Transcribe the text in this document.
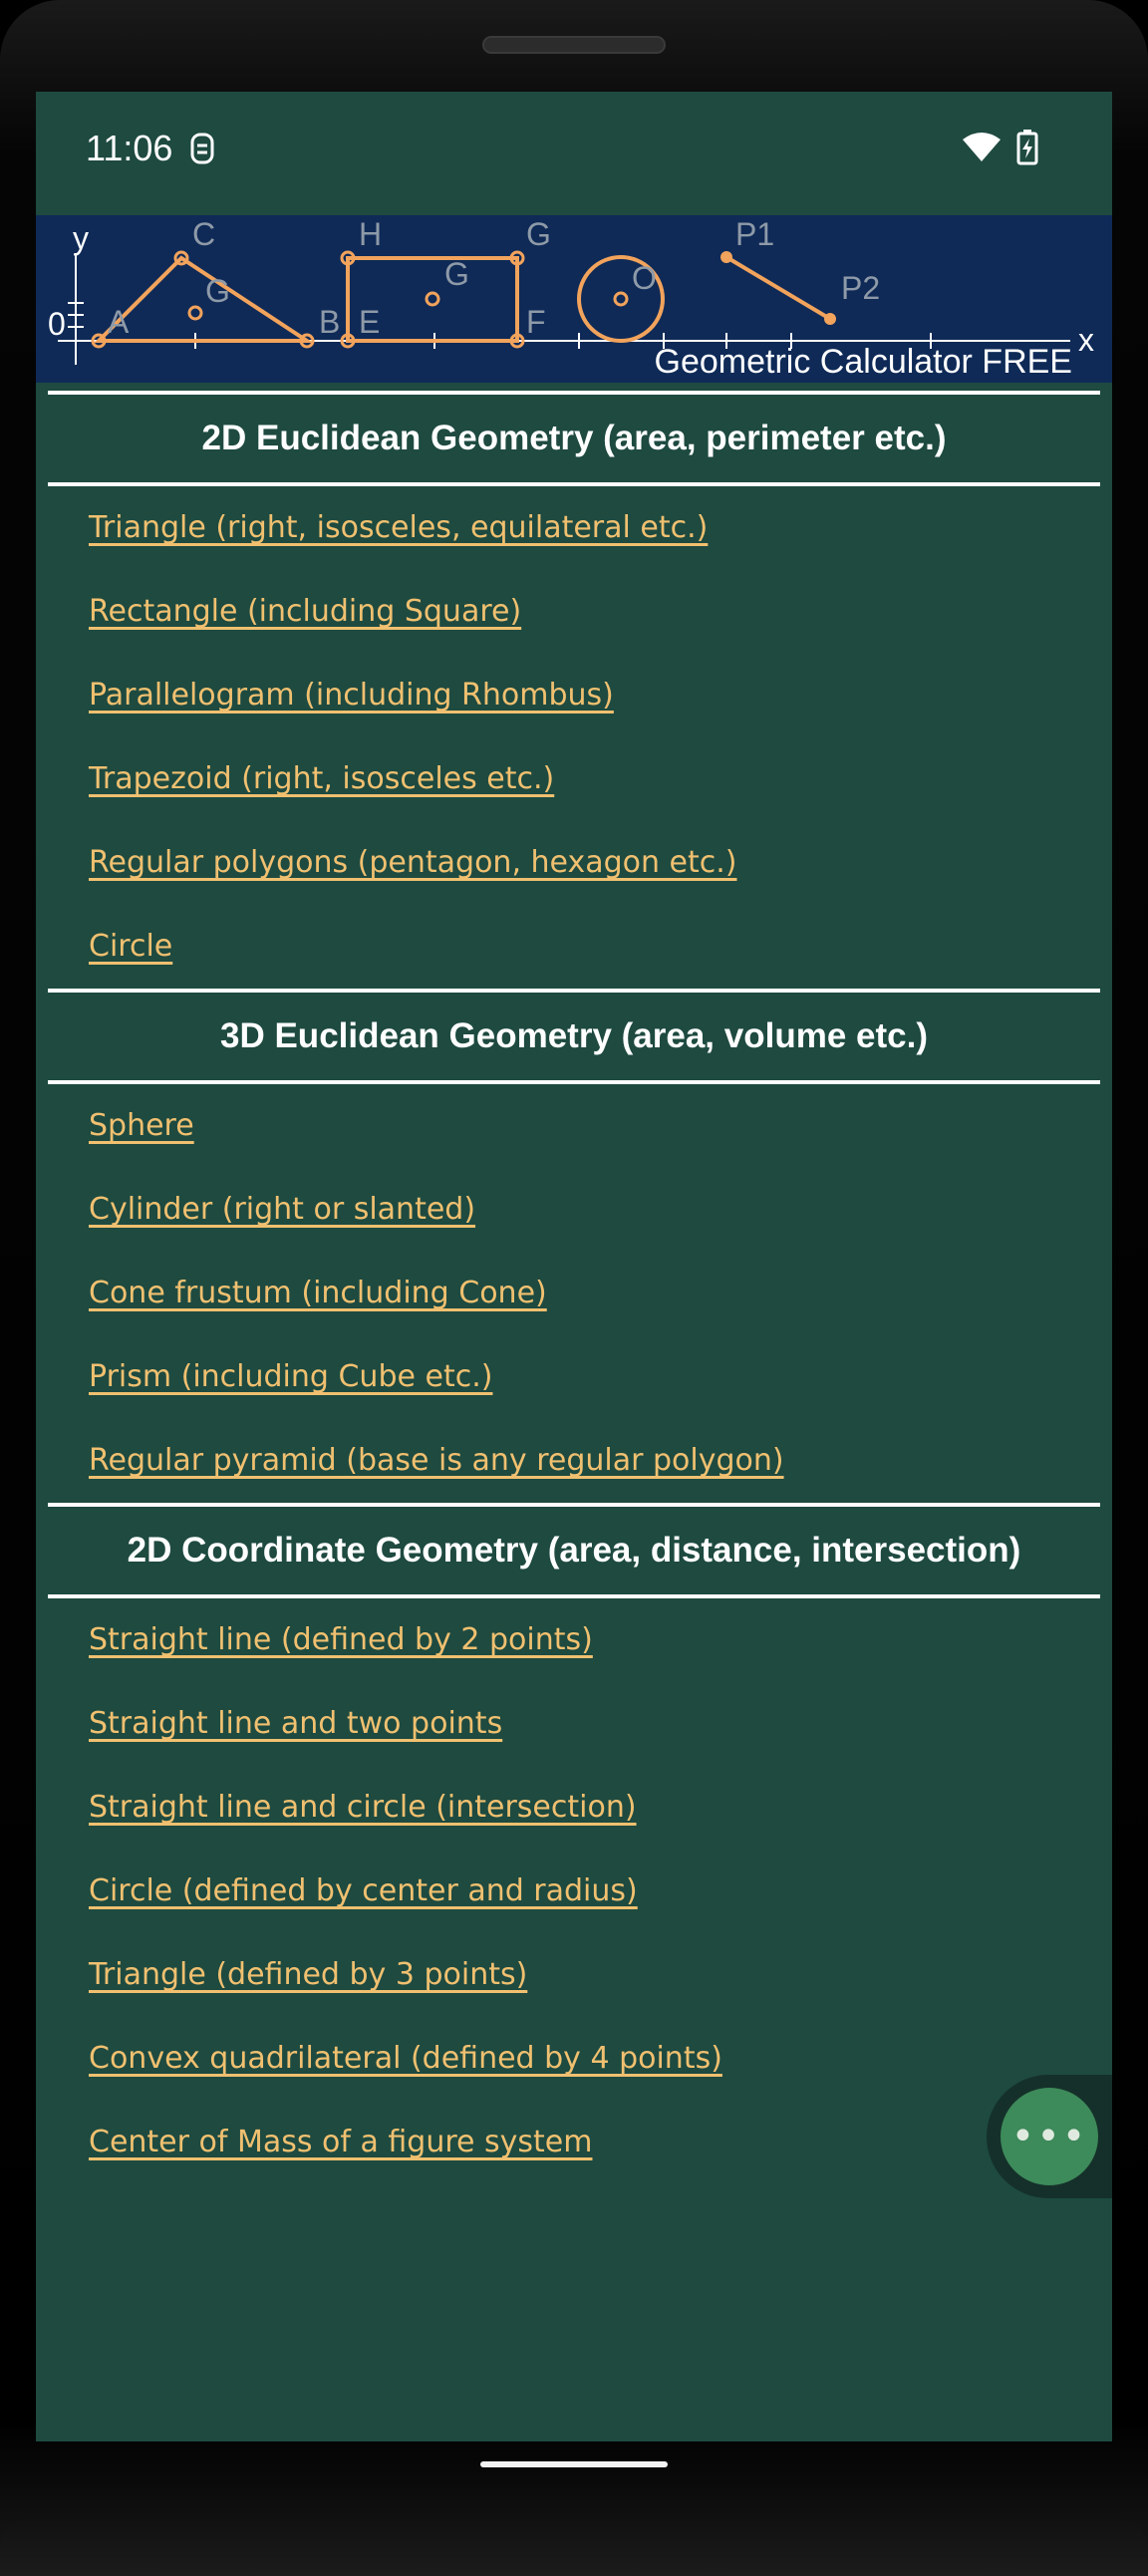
11:06
y
0	x
A	B
C
G
H	G
E	F
G	O
P1
P2
Geometric Calculator FREE
2D Euclidean Geometry (area, perimeter etc.)
Triangle (right, isosceles, equilateral etc.)
Rectangle (including Square)
Parallelogram (including Rhombus)
Trapezoid (right, isosceles etc.)
Regular polygons (pentagon, hexagon etc.)
Circle
3D Euclidean Geometry (area, volume etc.)
Sphere
Cylinder (right or slanted)
Cone frustum (including Cone)
Prism (including Cube etc.)
Regular pyramid (base is any regular polygon)
2D Coordinate Geometry (area, distance, intersection)
Straight line (defined by 2 points)
Straight line and two points
Straight line and circle (intersection)
Circle (defined by center and radius)
Triangle (defined by 3 points)
Convex quadrilateral (defined by 4 points)
Center of Mass of a figure system	•••
